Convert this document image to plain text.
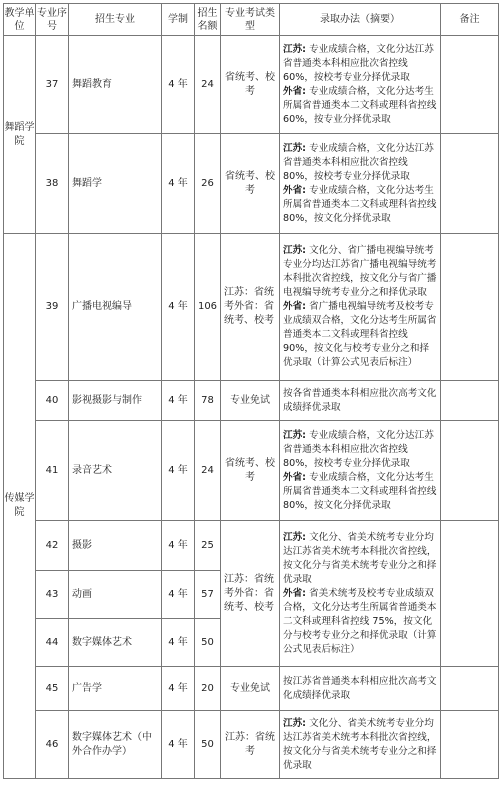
教学单位	专业序号	招生专业	学制	招生名额	专业考试类型	录取办法（摘要）	备注
舞蹈学院	37	舞蹈教育	4 年	24	省统考、校考	江苏: 专业成绩合格，文化分达江苏省普通类本科相应批次省控线 60%，按校考专业分择优录取
外省: 专业成绩合格，文化分达考生所属省普通类本二文科或理科省控线 60%，按专业分择优录取	

	38	舞蹈学	4 年	26	省统考、校考	江苏: 专业成绩合格，文化分达江苏省普通类本科相应批次省控线 80%，按校考专业分择优录取
外省: 专业成绩合格，文化分达考生所属省普通类本二文科或理科省控线 80%，按文化分择优录取	

传媒学院	39	广播电视编导	4 年	106	江苏：省统考外省：省统考、校考	江苏: 文化分、省广播电视编导统考专业分均达江苏省广播电视编导统考本科批次省控线，按文化分与省广播电视编导统考专业分之和择优录取
外省: 省广播电视编导统考及校考专业成绩双合格，文化分达考生所属省普通类本二文科或理科省控线 90%，按文化与校考专业分之和择优录取（计算公式见表后标注）	

	40	影视摄影与制作	4 年	78	专业免试	按各省普通类本科相应批次高考文化成绩择优录取	

	41	录音艺术	4 年	24	省统考、校考	江苏: 专业成绩合格，文化分达江苏省普通类本科相应批次省控线 80%，按校考专业分择优录取
外省: 专业成绩合格，文化分达考生所属省普通类本二文科或理科省控线 80%，按文化分择优录取	

	42	摄影	4 年	25	江苏：省统考外省：省统考、校考	江苏: 文化分、省美术统考专业分均达江苏省美术统考本科批次省控线，按文化分与省美术统考专业分之和择优录取
外省: 省美术统考及校考专业成绩双合格，文化分达考生所属省普通类本二文科或理科省控线 75%，按文化分与校考专业分之和择优录取（计算公式见表后标注）	

	43	动画	4 年	57			
	44	数字媒体艺术	4 年	50			
	45	广告学	4 年	20	专业免试	按江苏省普通类本科相应批次高考文化成绩择优录取	

	46	数字媒体艺术（中外合作办学）	4 年	50	江苏：省统考	江苏: 文化分、省美术统考专业分均达江苏省美术统考本科批次省控线，按文化分与省美术统考专业分之和择优录取	
